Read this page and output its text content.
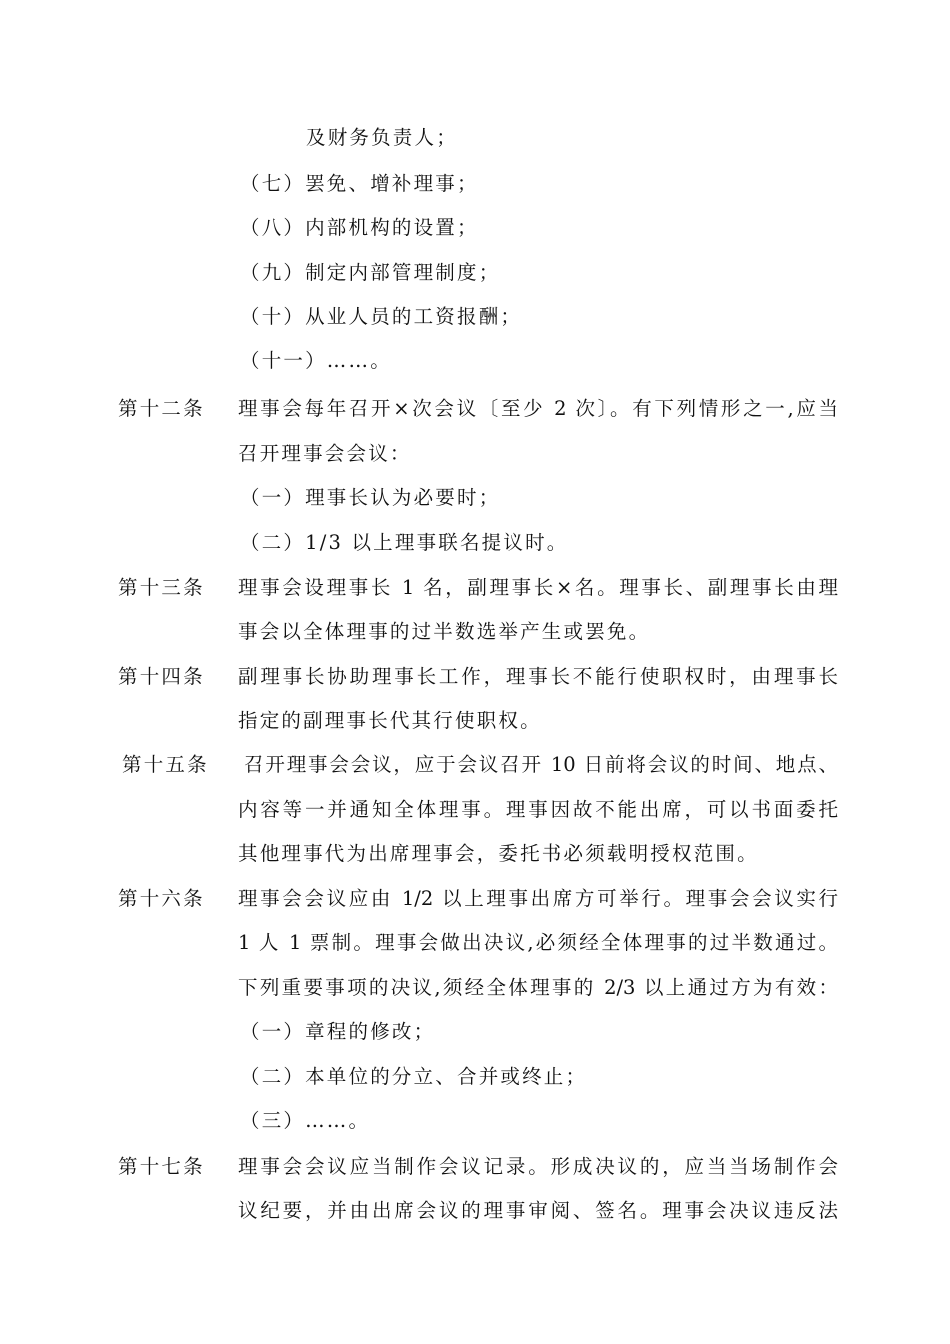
及财务负责人；
（七）罢免、增补理事；
（八）内部机构的设置；
（九）制定内部管理制度；
（十）从业人员的工资报酬；
（十一）……。
第十二条 理事会每年召开×次会议〔至少 2 次〕。有下列情形之一,应当
召开理事会会议：
（一）理事长认为必要时；
（二）1/3 以上理事联名提议时。
第十三条 理事会设理事长 1 名，副理事长×名。理事长、副理事长由理
事会以全体理事的过半数选举产生或罢免。
第十四条 副理事长协助理事长工作，理事长不能行使职权时，由理事长
指定的副理事长代其行使职权。
第十五条 召开理事会会议，应于会议召开 10 日前将会议的时间、地点、
内容等一并通知全体理事。理事因故不能出席，可以书面委托
其他理事代为出席理事会，委托书必须载明授权范围。
第十六条 理事会会议应由 1/2 以上理事出席方可举行。理事会会议实行
1 人 1 票制。理事会做出决议,必须经全体理事的过半数通过。
下列重要事项的决议,须经全体理事的 2/3 以上通过方为有效：
（一）章程的修改；
（二）本单位的分立、合并或终止；
（三）……。
第十七条 理事会会议应当制作会议记录。形成决议的，应当当场制作会
议纪要，并由出席会议的理事审阅、签名。理事会决议违反法
